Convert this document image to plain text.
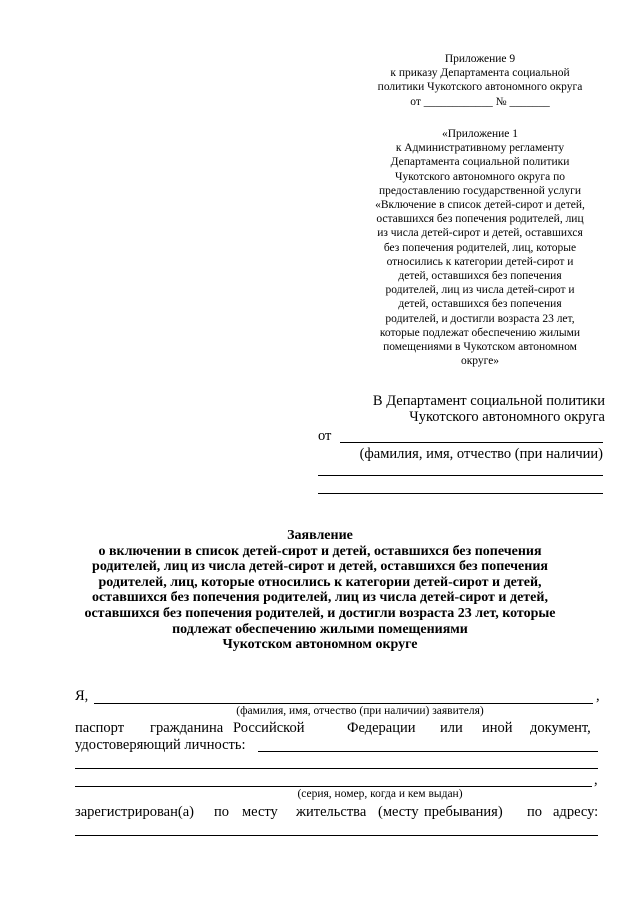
Приложение 9
к приказу Департамента социальной
политики Чукотского автономного округа
от ____________ № _______
«Приложение 1
к Административному регламенту
Департамента социальной политики
Чукотского автономного округа по
предоставлению государственной услуги
«Включение в список детей-сирот и детей,
оставшихся без попечения родителей, лиц
из числа детей-сирот и детей, оставшихся
без попечения родителей, лиц, которые
относились к категории детей-сирот и
детей, оставшихся без попечения
родителей, лиц из числа детей-сирот и
детей, оставшихся без попечения
родителей, и достигли возраста 23 лет,
которые подлежат обеспечению жилыми
помещениями в Чукотском автономном
округе»
В Департамент социальной политики
Чукотского автономного округа
от
(фамилия, имя, отчество (при наличии)
Заявление
о включении в список детей-сирот и детей, оставшихся без попечения
родителей, лиц из числа детей-сирот и детей, оставшихся без попечения
родителей, лиц, которые относились к категории детей-сирот и детей,
оставшихся без попечения родителей, лиц из числа детей-сирот и детей,
оставшихся без попечения родителей, и достигли возраста 23 лет, которые
подлежат обеспечению жилыми помещениями
Чукотском автономном округе
Я,	,
(фамилия, имя, отчество (при наличии) заявителя)
паспорт гражданина Российской	Федерации или иной документ,
удостоверяющий личность:
,
(серия, номер, когда и кем выдан)
зарегистрирован(а) по месту жительства (месту пребывания) по адресу:
